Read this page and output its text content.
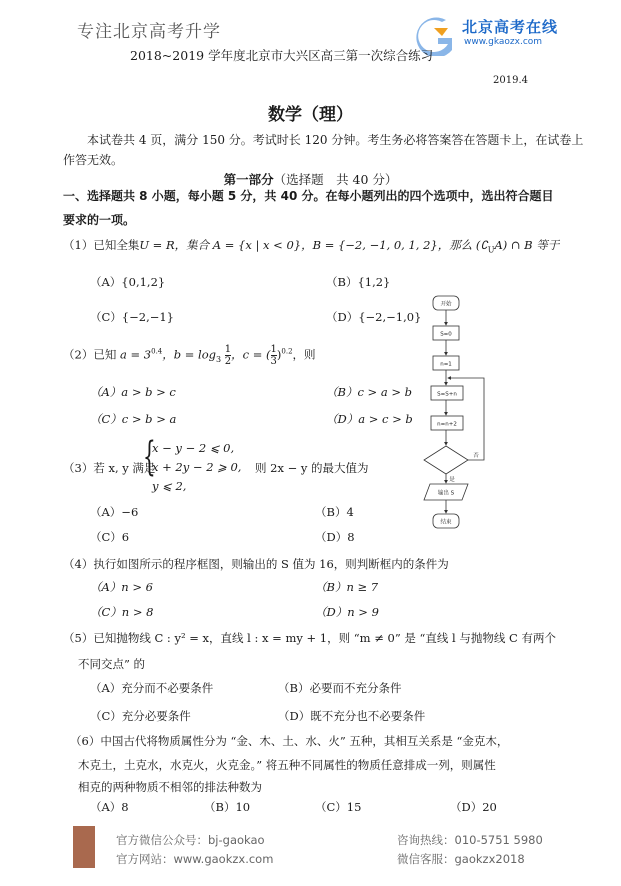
专注北京高考升学	北京高考在线
www.gkaozx.com
2018~2019 学年度北京市大兴区高三第一次综合练习
2019.4
数学（理）
本试卷共 4 页，满分 150 分。考试时长 120 分钟。考生务必将答案答在答题卡上，在试卷上作答无效。
第一部分（选择题　共 40 分）
一、选择题共 8 小题，每小题 5 分，共 40 分。在每小题列出的四个选项中，选出符合题目要求的一项。
（1）已知全集U = R，集合 A = {x | x < 0}，B = {−2, −1, 0, 1, 2}，那么 $(∁_UA)$ ∩ B 等于
（A）{0,1,2}	（B）{1,2}
（C）{−2,−1}	（D）{−2,−1,0}
（2）已知 $a = 3^{0.4}$，$b = \log_3 \frac{1}{2}$ ，c = ( $\frac{1}{3} )^{0.2}$，则
（A）a > b > c	（B）c > a > b
（C）c > b > a	（D）a > c > b
（3）若 x, y 满足
{
x − y − 2 ⩽ 0,
x + 2y − 2 ⩾ 0,
y ⩽ 2,
则 2x − y 的最大值为
（A）−6	（B）4
（C）6	（D）8
开始
S=0
n=1
S=S+n
n=n+2
否
是
输出 S
结束
（4）执行如图所示的程序框图，则输出的 S 值为 16，则判断框内的条件为
（A）n > 6	（B）n ≥ 7
（C）n > 8	（D）n > 9
（5）已知抛物线 C : y² = x，直线 l : x = my + 1，则 “m ≠ 0” 是 “直线 l 与抛物线 C 有两个
不同交点” 的
（A）充分而不必要条件	（B）必要而不充分条件
（C）充分必要条件	（D）既不充分也不必要条件
（6）中国古代将物质属性分为 “金、木、土、水、火” 五种，其相互关系是 “金克木，
木克土，土克水，水克火，火克金。” 将五种不同属性的物质任意排成一列，则属性
相克的两种物质不相邻的排法种数为
（A）8	（B）10	（C）15	（D）20
官方微信公众号：bj-gaokao
官方网站：www.gaokzx.com
咨询热线：010-5751 5980
微信客服：gaokzx2018
